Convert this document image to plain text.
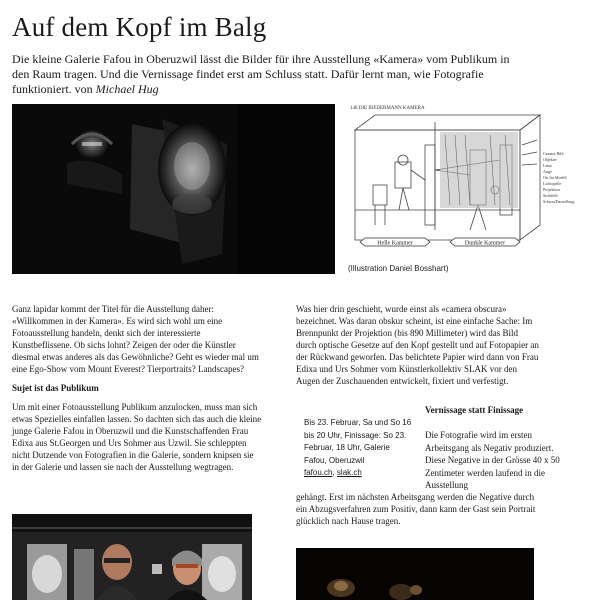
Auf dem Kopf im Balg

Die kleine Galerie Fafou in Oberuzwil lässt die Bilder für ihre Ausstellung «Kamera» vom Publikum in den Raum tragen. Und die Vernissage findet erst am Schluss statt. Dafür lernt man, wie Fotografie funktioniert. von Michael Hug

148 DIE BIEDERMANN KAMERA
Helle Kammer	Dunkle Kammer
Camera Bild
Objektiv
Linse
Auge
Ort für Modell
Lichtquelle
Projektion
Sichtfeld
Schirm/Darstellung
(Illustration Daniel Bosshart)

Ganz lapidar kommt der Titel für die Ausstellung daher: «Willkommen in der Kamera». Es wird sich wohl um eine Fotoausstellung handeln, denkt sich der interessierte Kunstbeflissene. Ob sichs lohnt? Zeigen der oder die Künstler diesmal etwas anderes als das Gewöhnliche? Geht es wieder mal um eine Ego-Show vom Mount Everest? Tierportraits? Landscapes?

Sujet ist das Publikum

Um mit einer Fotoausstellung Publikum anzulocken, muss man sich etwas Spezielles einfallen lassen. So dachten sich das auch die kleine junge Galerie Fafou in Oberuzwil und die Kunstschaffenden Frau Edixa aus St.Georgen und Urs Sohmer aus Uzwil. Sie schleppten nicht Dutzende von Fotografien in die Galerie, sondern knipsen sie in der Galerie und lassen sie nach der Ausstellung wegtragen.

Was hier drin geschieht, wurde einst als «camera obscura» bezeichnet. Was daran obskur scheint, ist eine einfache Sache: Im Brennpunkt der Projektion (bis 890 Millimeter) wird das Bild durch optische Gesetze auf den Kopf gestellt und auf Fotopapier an der Rückwand geworfen. Das belichtete Papier wird dann von Frau Edixa und Urs Sohmer vom Künstlerkollektiv SLAK vor den Augen der Zuschauenden entwickelt, fixiert und verfestigt.

Vernissage statt Finissage
Bis 23. Februar, Sa und So 16 bis 20 Uhr, Finissage: So 23. Februar, 18 Uhr, Galerie Fafou, Oberuzwil
fafou.ch, slak.ch
Die Fotografie wird im ersten Arbeitsgang als Negativ produziert. Diese Negative in der Grösse 40 x 50 Zentimeter werden laufend in die Ausstellung
gehängt. Erst im nächsten Arbeitsgang werden die Negative durch ein Abzugsverfahren zum Positiv, dann kann der Gast sein Portrait glücklich nach Hause tragen.
